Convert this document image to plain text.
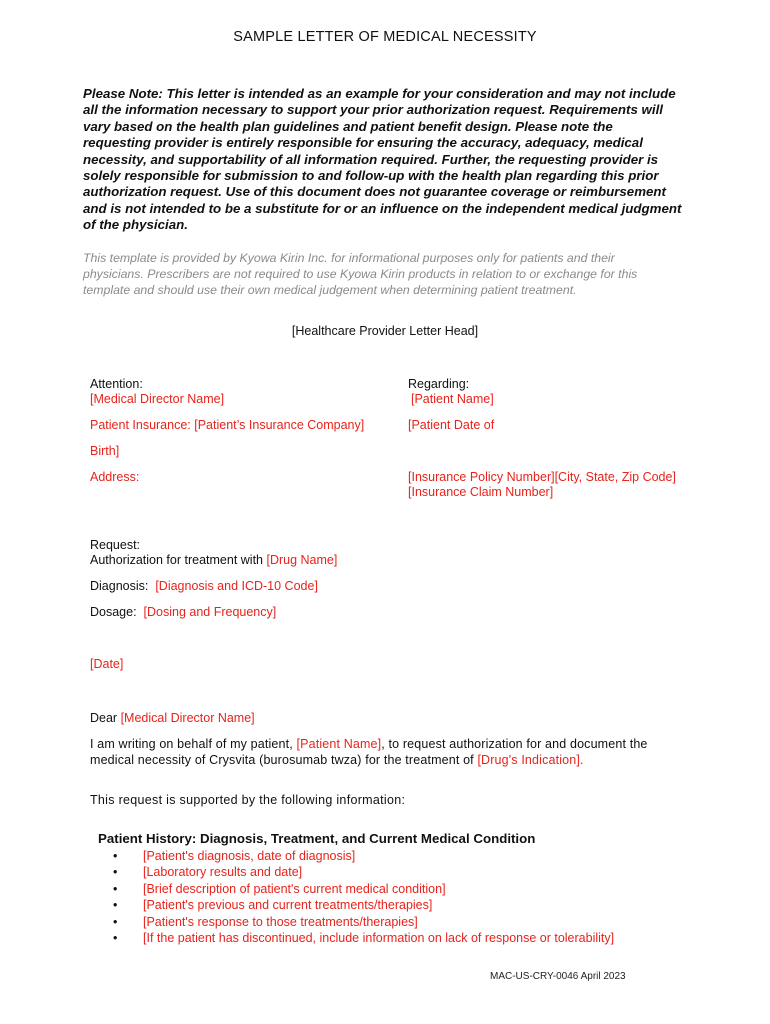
SAMPLE LETTER OF MEDICAL NECESSITY
Please Note: This letter is intended as an example for your consideration and may not include all the information necessary to support your prior authorization request. Requirements will vary based on the health plan guidelines and patient benefit design. Please note the requesting provider is entirely responsible for ensuring the accuracy, adequacy, medical necessity, and supportability of all information required. Further, the requesting provider is solely responsible for submission to and follow-up with the health plan regarding this prior authorization request. Use of this document does not guarantee coverage or reimbursement and is not intended to be a substitute for or an influence on the independent medical judgment of the physician.
This template is provided by Kyowa Kirin Inc. for informational purposes only for patients and their physicians. Prescribers are not required to use Kyowa Kirin products in relation to or exchange for this template and should use their own medical judgement when determining patient treatment.
[Healthcare Provider Letter Head]
Attention:
[Medical Director Name]
Regarding:
[Patient Name]
Patient Insurance: [Patient’s Insurance Company]	[Patient Date of
Birth]
Address:	[Insurance Policy Number][City, State, Zip Code]
[Insurance Claim Number]
Request:
Authorization for treatment with [Drug Name]
Diagnosis: [Diagnosis and ICD-10 Code]
Dosage: [Dosing and Frequency]
[Date]
Dear [Medical Director Name]
I am writing on behalf of my patient, [Patient Name], to request authorization for and document the medical necessity of Crysvita (burosumab twza) for the treatment of [Drug's Indication].
This request is supported by the following information:
Patient History: Diagnosis, Treatment, and Current Medical Condition
• [Patient's diagnosis, date of diagnosis]
• [Laboratory results and date]
• [Brief description of patient's current medical condition]
• [Patient's previous and current treatments/therapies]
• [Patient's response to those treatments/therapies]
• [If the patient has discontinued, include information on lack of response or tolerability]
MAC-US-CRY-0046 April 2023
